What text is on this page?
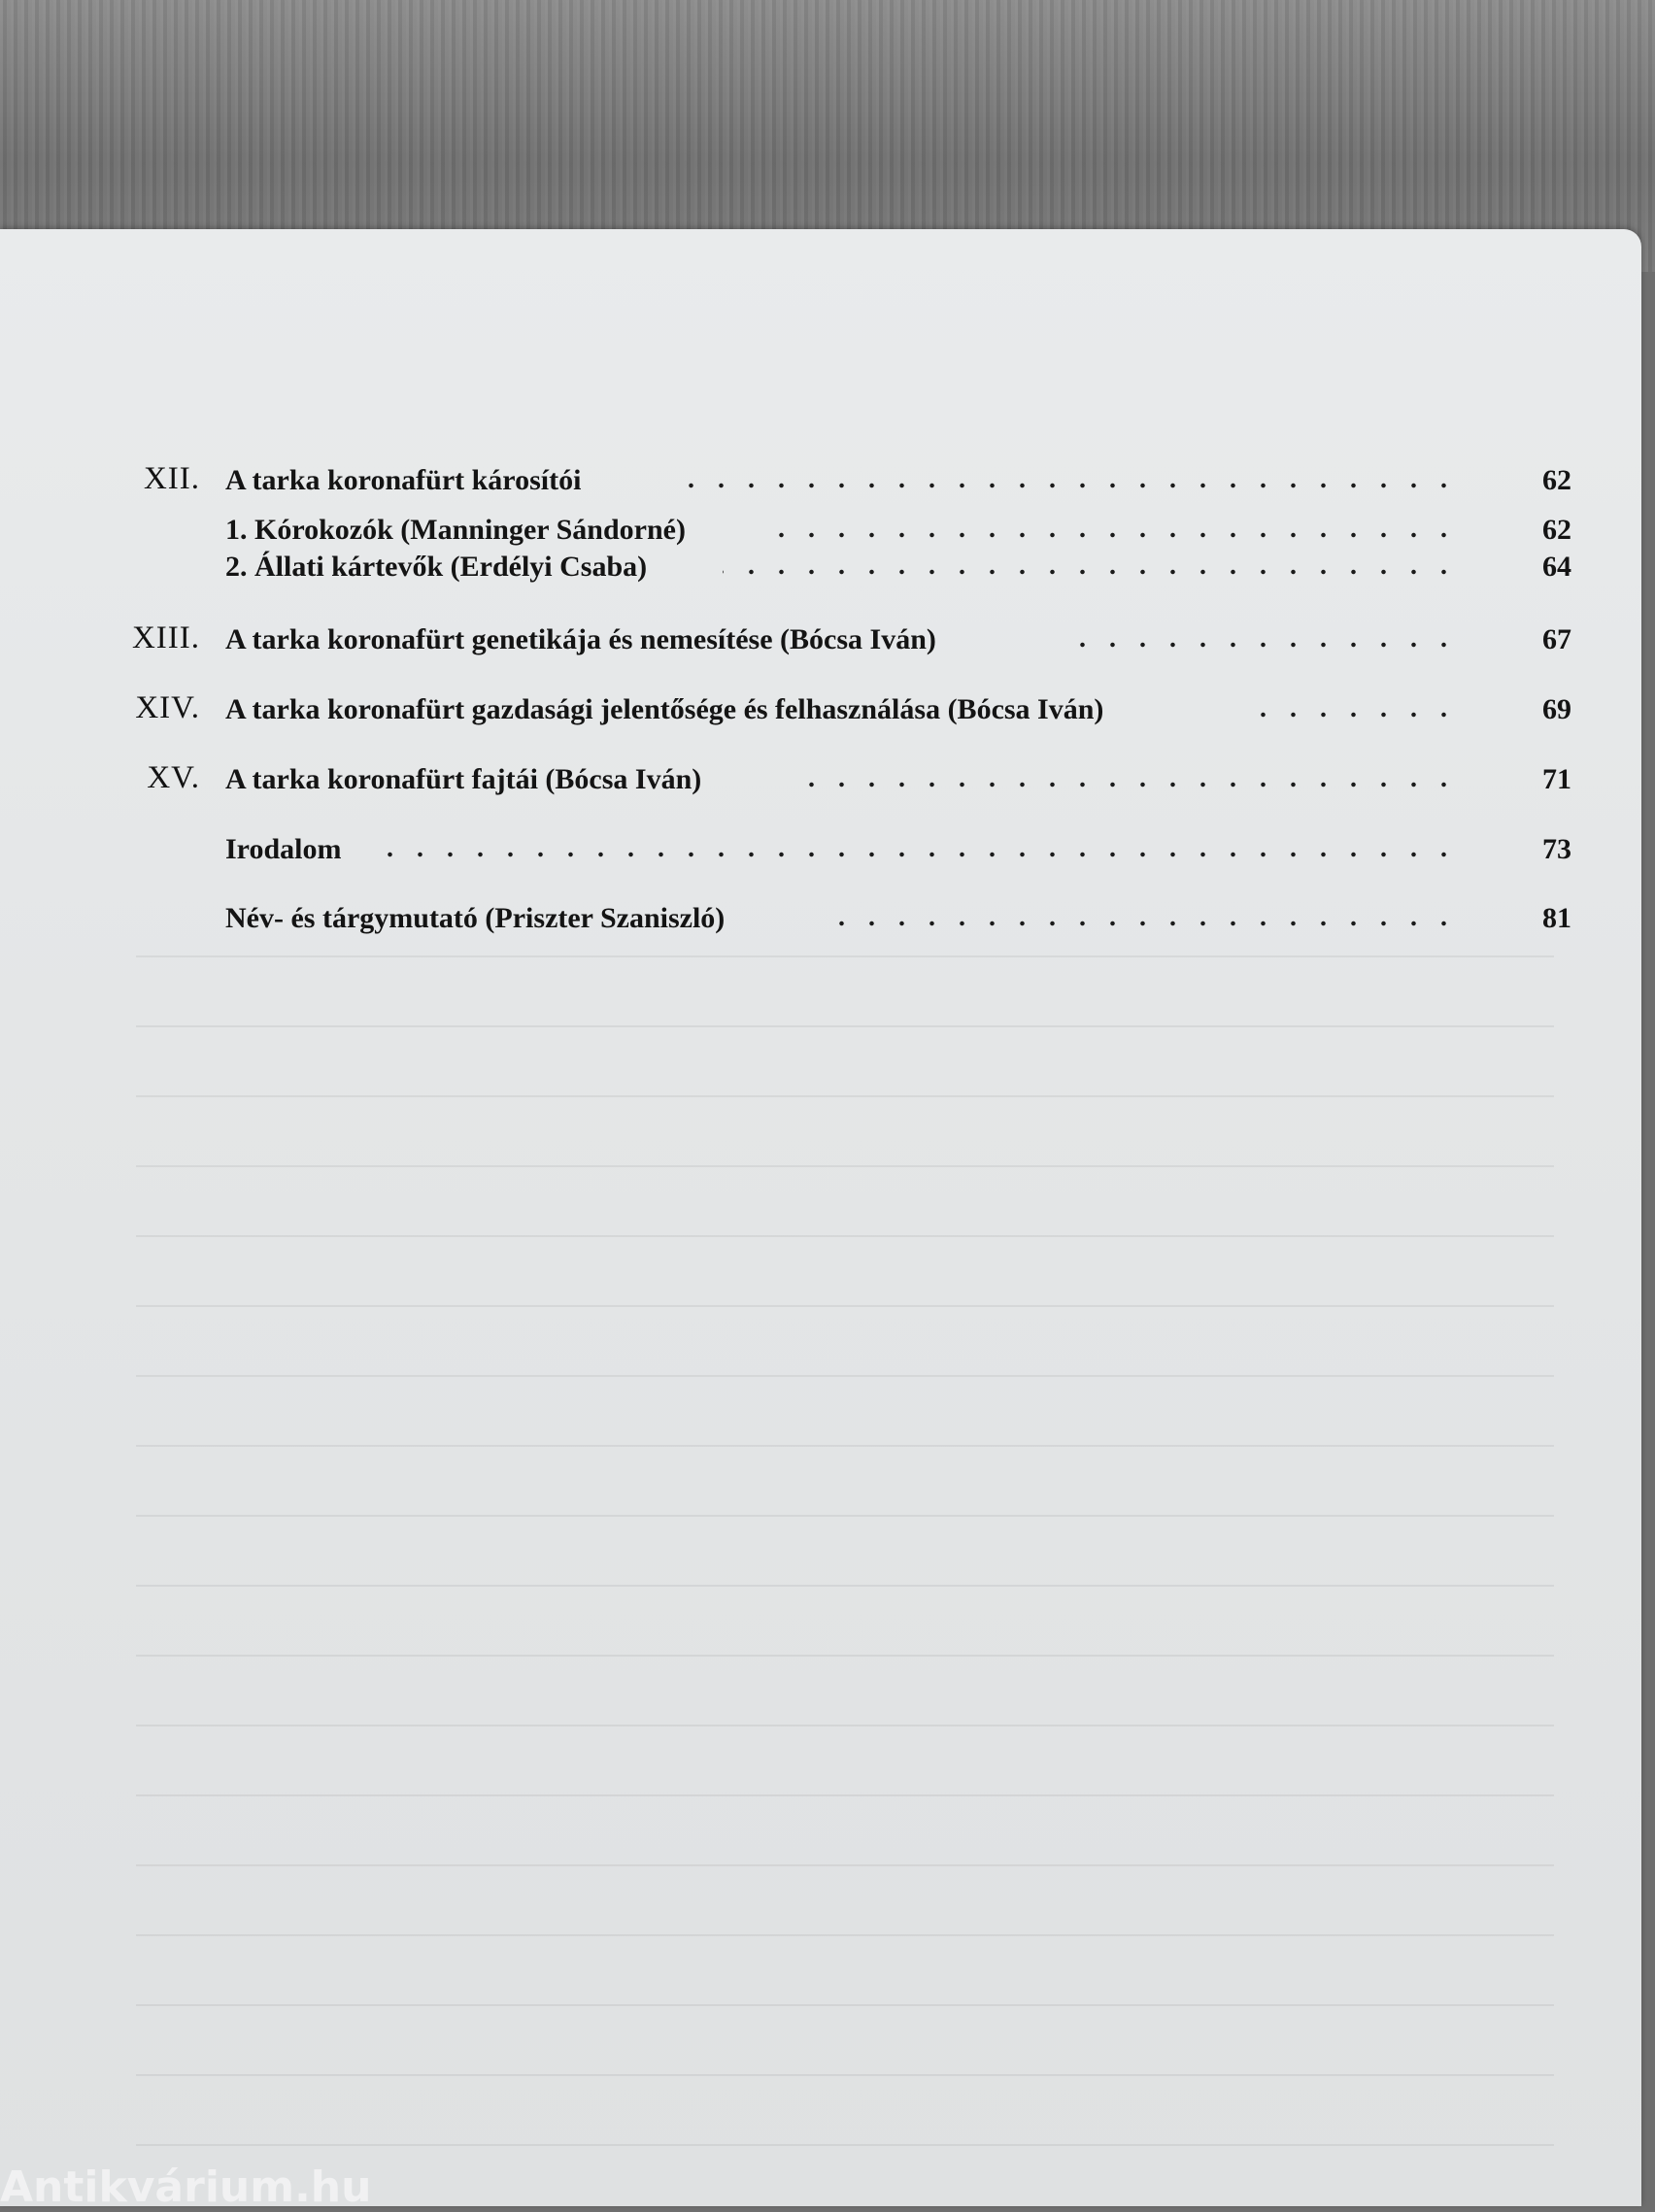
XII. A tarka koronafürt károsítói	62
1. Kórokozók (Manninger Sándorné)	62
2. Állati kártevők (Erdélyi Csaba)	64
XIII. A tarka koronafürt genetikája és nemesítése (Bócsa Iván)	67
XIV. A tarka koronafürt gazdasági jelentősége és felhasználása (Bócsa Iván)	69
XV. A tarka koronafürt fajtái (Bócsa Iván)	71
Irodalom	73
Név- és tárgymutató (Priszter Szaniszló)	81
Antikvárium.hu
